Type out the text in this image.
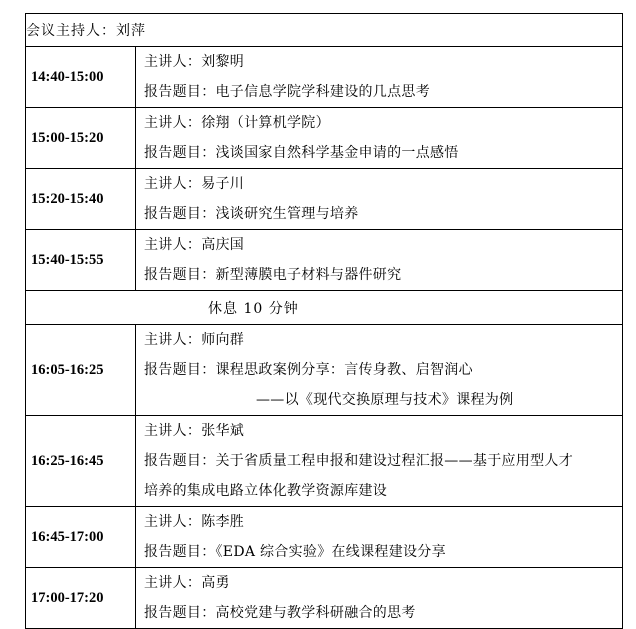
会议主持人：刘萍	
14:40-15:00	主讲人：刘黎明
报告题目：电子信息学院学科建设的几点思考

15:00-15:20	主讲人：徐翔（计算机学院）
报告题目：浅谈国家自然科学基金申请的一点感悟

15:20-15:40	主讲人：易子川
报告题目：浅谈研究生管理与培养

15:40-15:55	主讲人：高庆国
报告题目：新型薄膜电子材料与器件研究

休息 10 分钟	

16:05-16:25	主讲人：师向群
报告题目：课程思政案例分享：言传身教、启智润心
——以《现代交换原理与技术》课程为例

16:25-16:45	主讲人：张华斌
报告题目：关于省质量工程申报和建设过程汇报——基于应用型人才
培养的集成电路立体化教学资源库建设

16:45-17:00	主讲人：陈李胜
报告题目：《EDA 综合实验》在线课程建设分享

17:00-17:20	主讲人：高勇
报告题目：高校党建与教学科研融合的思考
